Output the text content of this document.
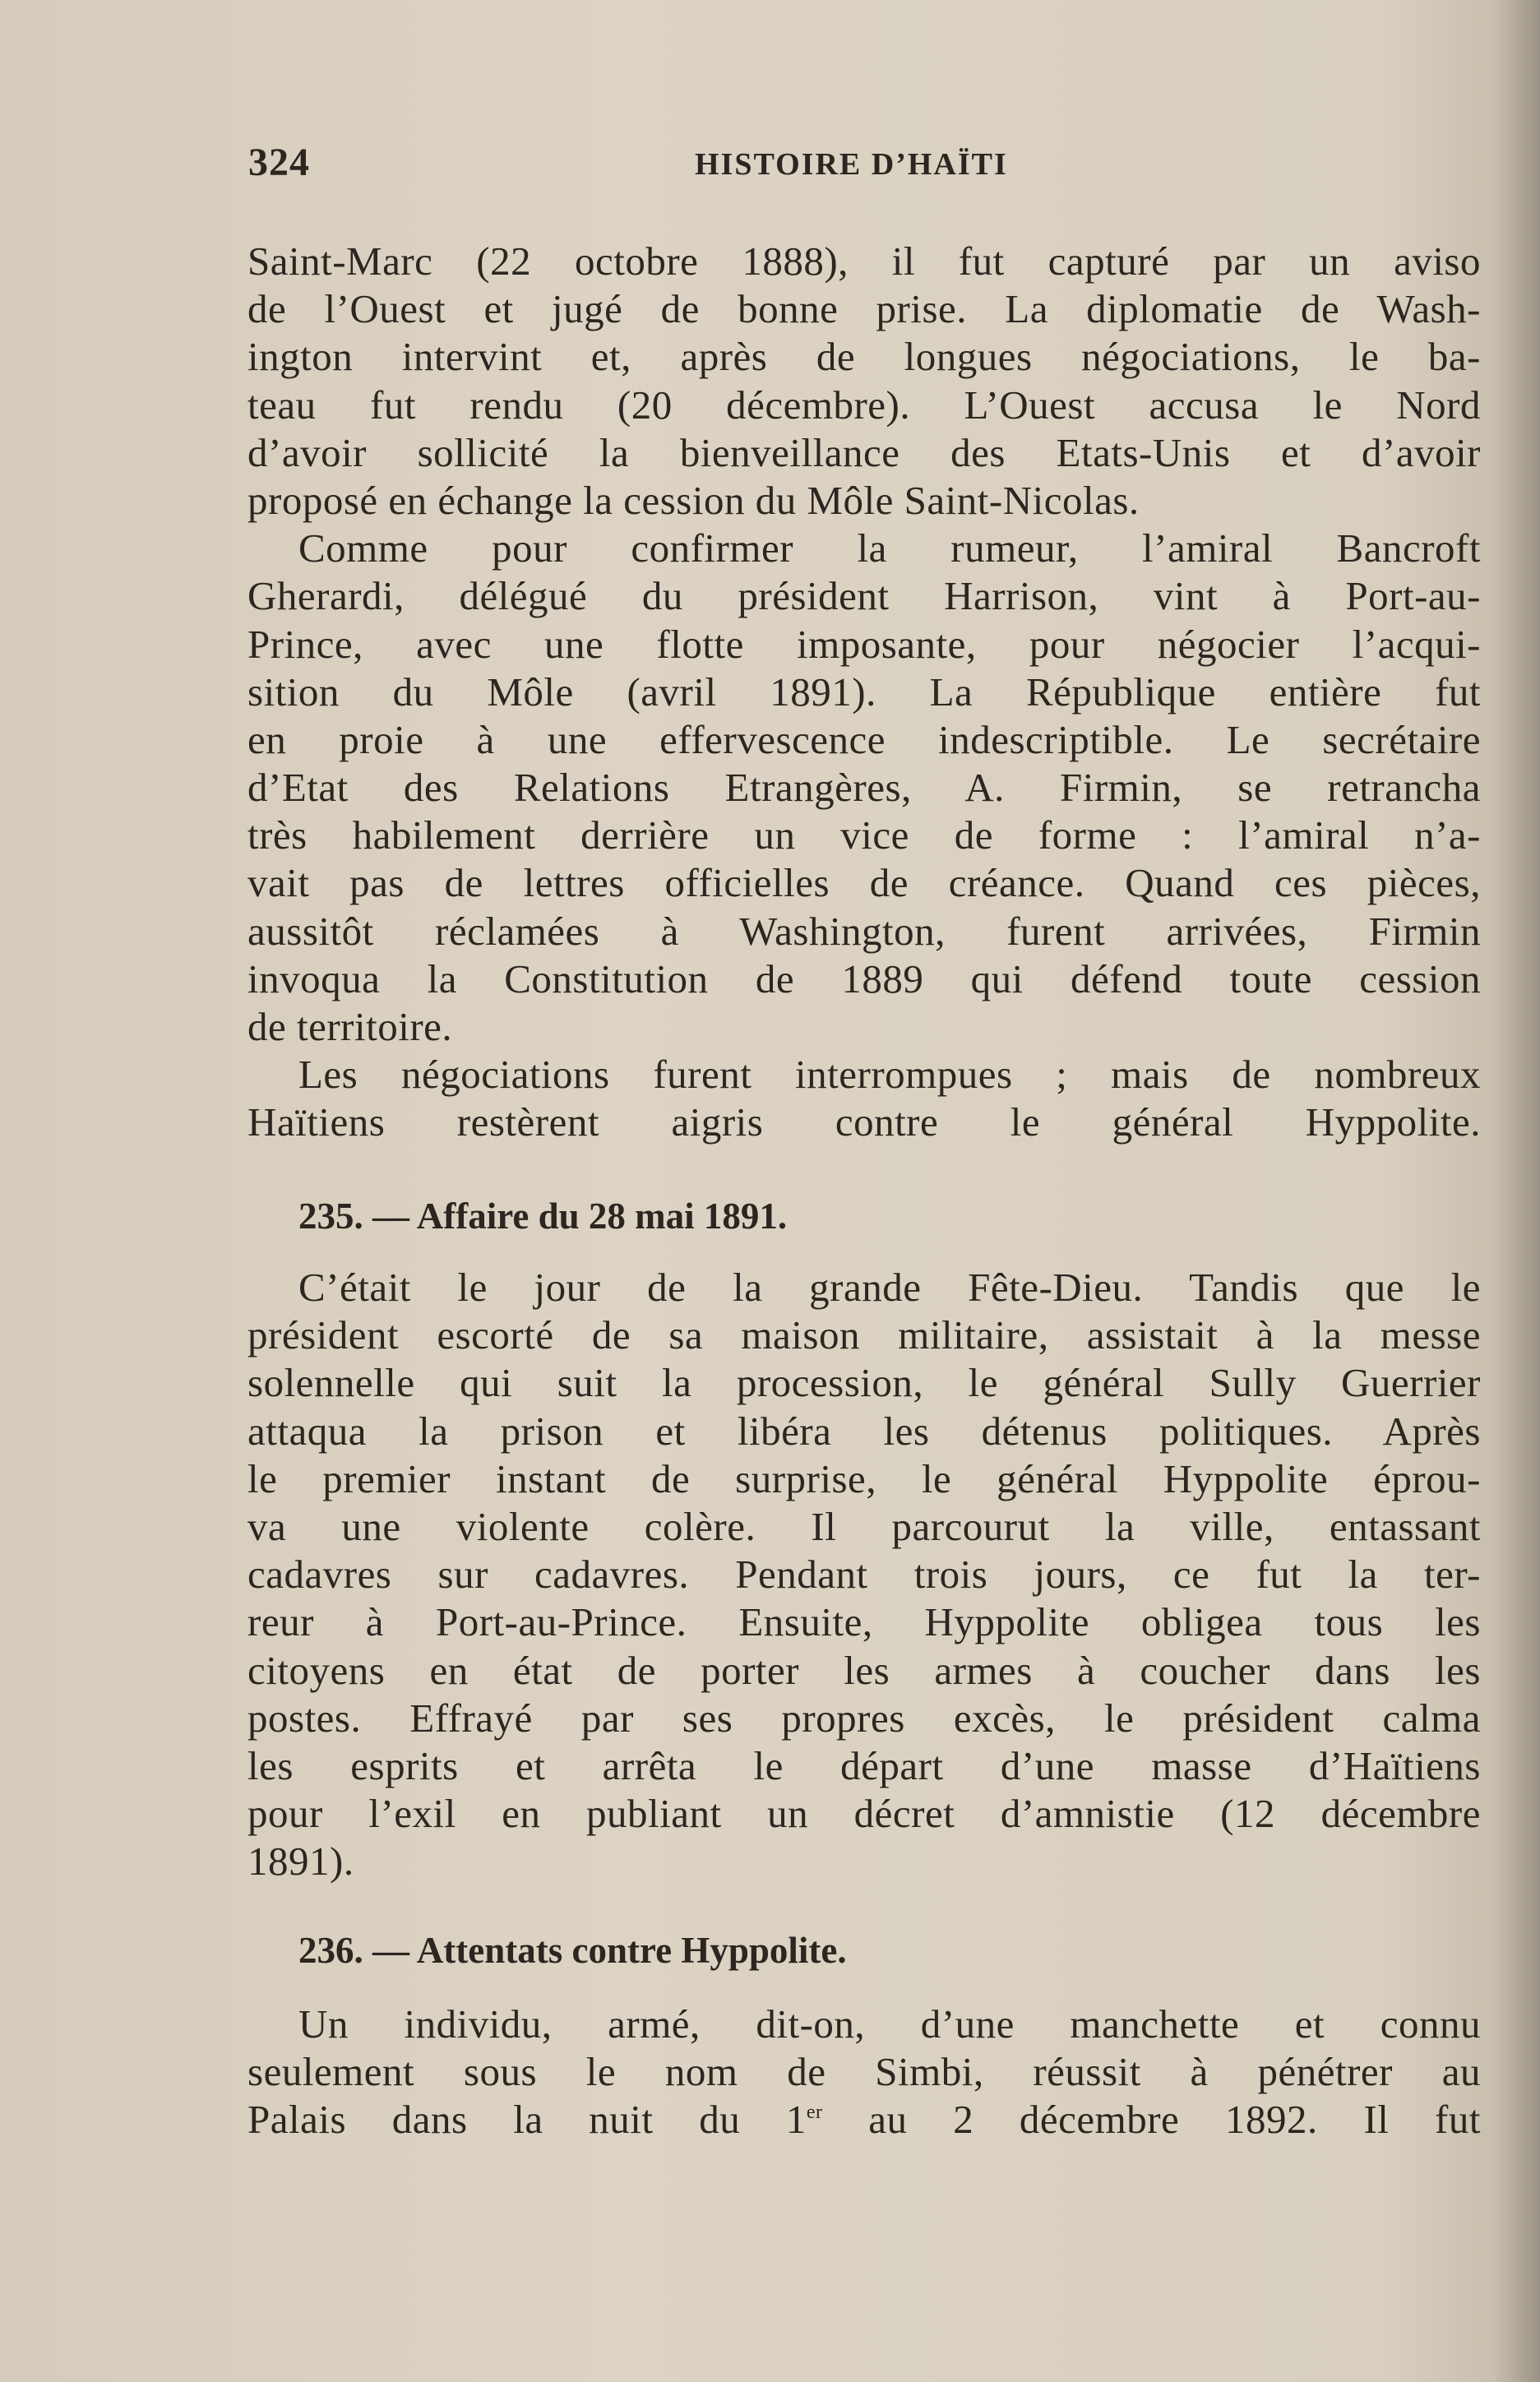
324	HISTOIRE D’HAÏTI
Saint-Marc (22 octobre 1888), il fut capturé par un aviso
de l’Ouest et jugé de bonne prise. La diplomatie de Wash-
ington intervint et, après de longues négociations, le ba-
teau fut rendu (20 décembre). L’Ouest accusa le Nord
d’avoir sollicité la bienveillance des Etats-Unis et d’avoir
proposé en échange la cession du Môle Saint-Nicolas.
Comme pour confirmer la rumeur, l’amiral Bancroft
Gherardi, délégué du président Harrison, vint à Port-au-
Prince, avec une flotte imposante, pour négocier l’acqui-
sition du Môle (avril 1891). La République entière fut
en proie à une effervescence indescriptible. Le secrétaire
d’Etat des Relations Etrangères, A. Firmin, se retrancha
très habilement derrière un vice de forme : l’amiral n’a-
vait pas de lettres officielles de créance. Quand ces pièces,
aussitôt réclamées à Washington, furent arrivées, Firmin
invoqua la Constitution de 1889 qui défend toute cession
de territoire.
Les négociations furent interrompues ; mais de nombreux
Haïtiens restèrent aigris contre le général Hyppolite.
235. — Affaire du 28 mai 1891.
C’était le jour de la grande Fête-Dieu. Tandis que le
président escorté de sa maison militaire, assistait à la messe
solennelle qui suit la procession, le général Sully Guerrier
attaqua la prison et libéra les détenus politiques. Après
le premier instant de surprise, le général Hyppolite éprou-
va une violente colère. Il parcourut la ville, entassant
cadavres sur cadavres. Pendant trois jours, ce fut la ter-
reur à Port-au-Prince. Ensuite, Hyppolite obligea tous les
citoyens en état de porter les armes à coucher dans les
postes. Effrayé par ses propres excès, le président calma
les esprits et arrêta le départ d’une masse d’Haïtiens
pour l’exil en publiant un décret d’amnistie (12 décembre
1891).
236. — Attentats contre Hyppolite.
Un individu, armé, dit-on, d’une manchette et connu
seulement sous le nom de Simbi, réussit à pénétrer au
Palais dans la nuit du 1er au 2 décembre 1892. Il fut
